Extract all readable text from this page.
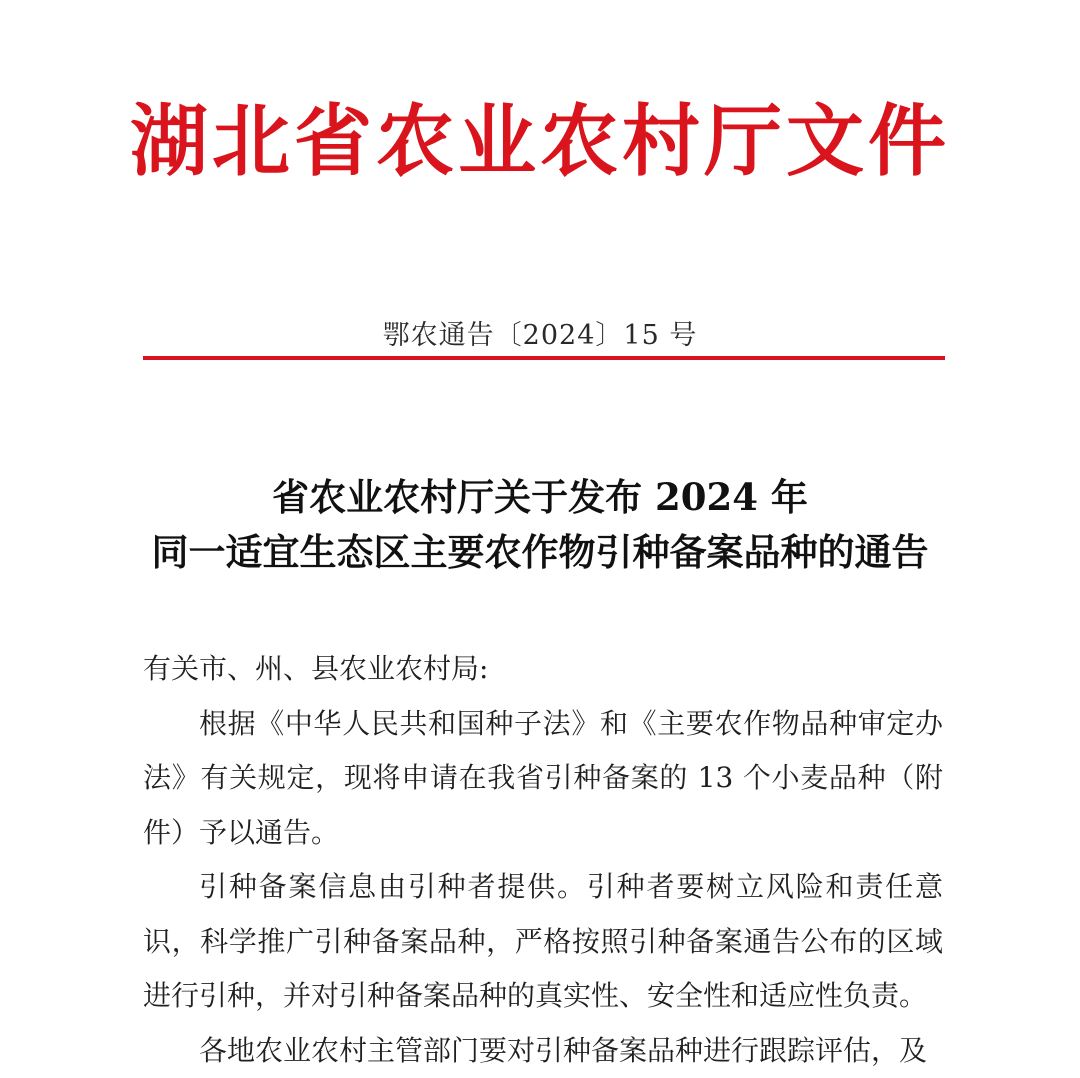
湖北省农业农村厅文件
鄂农通告〔2024〕15 号
省农业农村厅关于发布 2024 年
同一适宜生态区主要农作物引种备案品种的通告

有关市、州、县农业农村局:

根据《中华人民共和国种子法》和《主要农作物品种审定办法》有关规定，现将申请在我省引种备案的 13 个小麦品种（附件）予以通告。

引种备案信息由引种者提供。引种者要树立风险和责任意识，科学推广引种备案品种，严格按照引种备案通告公布的区域进行引种，并对引种备案品种的真实性、安全性和适应性负责。

各地农业农村主管部门要对引种备案品种进行跟踪评估，及
